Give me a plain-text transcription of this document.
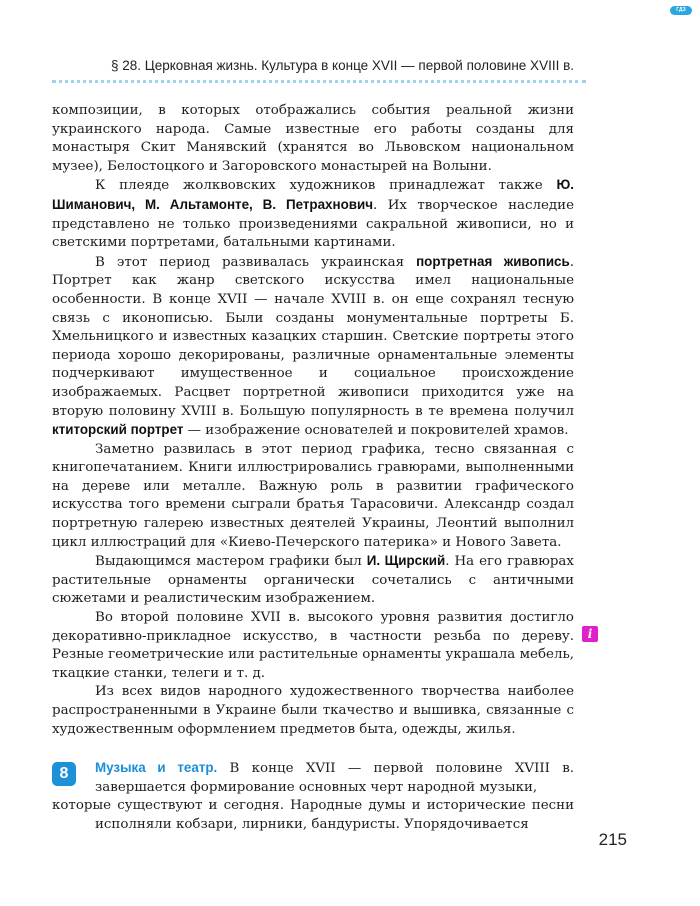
ГДЗ
§ 28. Церковная жизнь. Культура в конце XVII — первой половине XVIII в.

композиции, в которых отображались события реальной жизни украинского народа. Самые известные его работы созданы для монастыря Скит Манявский (хранятся во Львовском национальном музее), Белостоцкого и Загоровского монастырей на Волыни.

К плеяде жолквовских художников принадлежат также Ю. Шиманович, М. Альтамонте, В. Петрахнович. Их творческое наследие представлено не только произведениями сакральной живописи, но и светскими портретами, батальными картинами.

В этот период развивалась украинская портретная живопись. Портрет как жанр светского искусства имел национальные особенности. В конце XVII — начале XVIII в. он еще сохранял тесную связь с иконописью. Были созданы монументальные портреты Б. Хмельницкого и известных казацких старшин. Светские портреты этого периода хорошо декорированы, различные орнаментальные элементы подчеркивают имущественное и социальное происхождение изображаемых. Расцвет портретной живописи приходится уже на вторую половину XVIII в. Большую популярность в те времена получил ктиторский портрет — изображение основателей и покровителей храмов.

Заметно развилась в этот период графика, тесно связанная с книгопечатанием. Книги иллюстрировались гравюрами, выполненными на дереве или металле. Важную роль в развитии графического искусства того времени сыграли братья Тарасовичи. Александр создал портретную галерею известных деятелей Украины, Леонтий выполнил цикл иллюстраций для «Киево-Печерского патерика» и Нового Завета.

Выдающимся мастером графики был И. Щирский. На его гравюрах растительные орнаменты органически сочетались с античными сюжетами и реалистическим изображением.

Во второй половине XVII в. высокого уровня развития достигло декоративно-прикладное искусство, в частности резьба по дереву. Резные геометрические или растительные орнаменты украшала мебель, ткацкие станки, телеги и т. д.

Из всех видов народного художественного творчества наиболее распространенными в Украине были ткачество и вышивка, связанные с художественным оформлением предметов быта, одежды, жилья.

8	Музыка и театр. В конце XVII — первой половине XVIII в. завершается формирование основных черт народной музыки,
которые существуют и сегодня. Народные думы и исторические песни исполняли кобзари, лирники, бандуристы. Упорядочивается

i
215
